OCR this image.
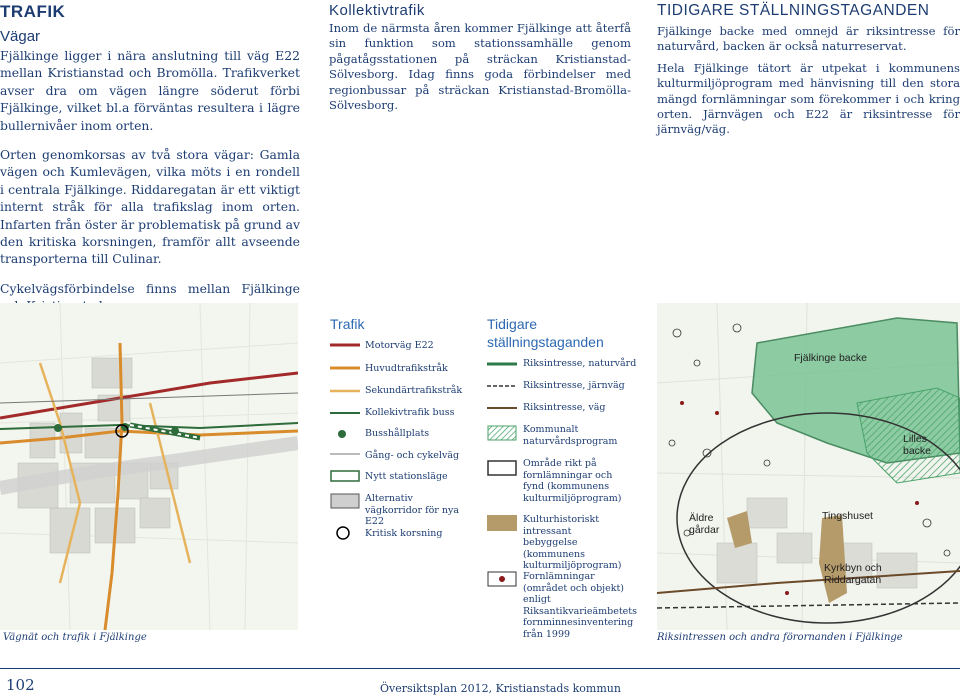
TRAFIK
Vägar

Fjälkinge ligger i nära anslutning till väg E22 mellan Kristianstad och Bromölla. Trafikverket avser dra om vägen längre söderut förbi Fjälkinge, vilket bl.a förväntas resultera i lägre bullernivåer inom orten.

Orten genomkorsas av två stora vägar: Gamla vägen och Kumlevägen, vilka möts i en rondell i centrala Fjälkinge. Riddaregatan är ett viktigt internt stråk för alla trafikslag inom orten. Infarten från öster är problematisk på grund av den kritiska korsningen, framför allt avseende transporterna till Culinar.

Cykelvägsförbindelse finns mellan Fjälkinge

Kollektivtrafik

Inom de närmsta åren kommer Fjälkinge att återfå sin funktion som stationssamhälle genom pågatågsstationen på sträckan Kristianstad-Sölvesborg. Idag finns goda förbindelser med regionbussar på sträckan Kristianstad-Bromölla-Sölvesborg.

TIDIGARE STÄLLNINGSTAGANDEN

Fjälkinge backe med omnejd är riksintresse för naturvård, backen är också naturreservat.

Hela Fjälkinge tätort är utpekat i kommunens kulturmiljöprogram med hänvisning till den stora mängd fornlämningar som förekommer i och kring orten. Järnvägen och E22 är riksintresse för järnväg/väg.

Vägnät och trafik i Fjälkinge
Trafik
Motorväg E22
Huvudtrafikstråk
Sekundärtrafikstråk
Kollekivtrafik buss
Busshållplats
Gång- och cykelväg
Nytt stationsläge
Alternativ vägkorridor för nya E22
Kritisk korsning
Tidigare ställningstaganden
Riksintresse, naturvård
Riksintresse, järnväg
Riksintresse, väg
Kommunalt naturvårdsprogram
Område rikt på fornlämningar och fynd (kommunens kulturmiljöprogram)
Kulturhistoriskt intressant bebyggelse (kommunens kulturmiljöprogram)
Fornlämningar (området och objekt) enligt Riksantikvarieämbetets fornminnesinventering från 1999
Fjälkinge backe
Lilles backe
Äldre gårdar
Tingshuset
Kyrkbyn och Riddargatan
Riksintressen och andra förornanden i Fjälkinge
102	Översiktsplan 2012, Kristianstads kommun
